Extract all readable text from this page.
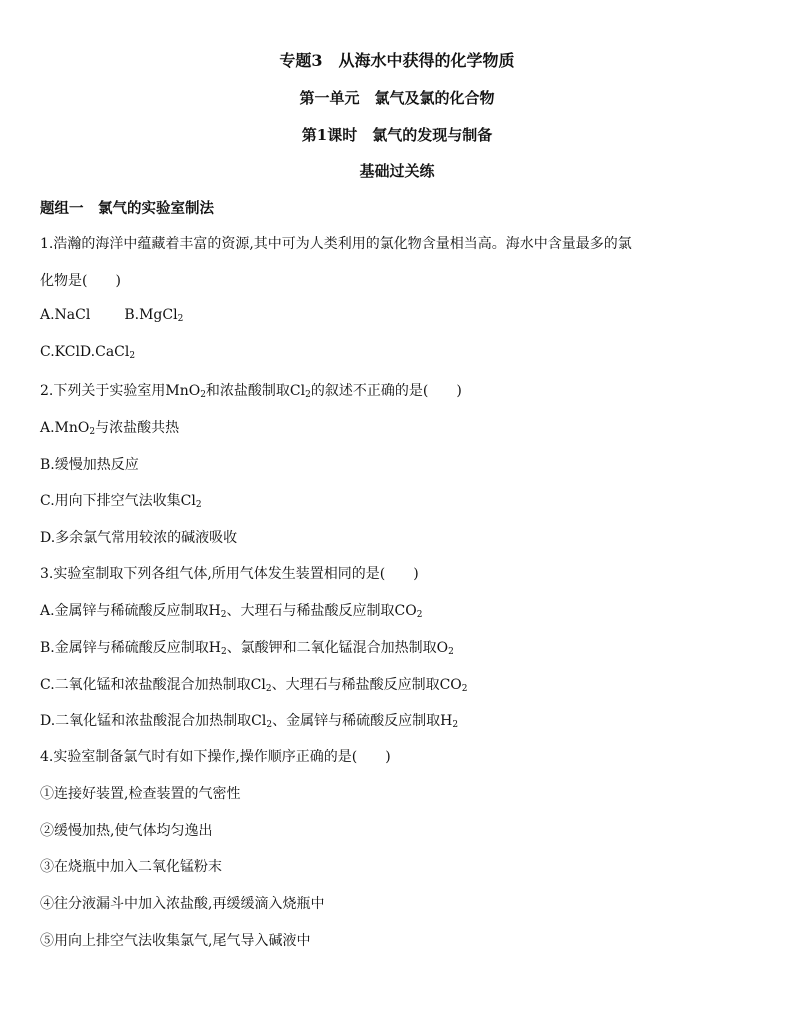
专题3　从海水中获得的化学物质
第一单元　氯气及氯的化合物
第1课时　氯气的发现与制备
基础过关练
题组一　氯气的实验室制法
1.浩瀚的海洋中蕴藏着丰富的资源,其中可为人类利用的氯化物含量相当高。海水中含量最多的氯
化物是(　　)
A.NaCl B.MgCl$_2$
C.KClD.CaCl$_2$
2.下列关于实验室用MnO$_2$和浓盐酸制取$Cl_2$的叙述不正确的是(　　)
A.MnO$_2$与浓盐酸共热
B.缓慢加热反应
C.用向下排空气法收集$Cl_2$
D.多余氯气常用较浓的碱液吸收
3.实验室制取下列各组气体,所用气体发生装置相同的是(　　)
A.金属锌与稀硫酸反应制取$H_2$、大理石与稀盐酸反应制取$CO_2$
B.金属锌与稀硫酸反应制取$H_2$、氯酸钾和二氧化锰混合加热制取$O_2$
C.二氧化锰和浓盐酸混合加热制取$Cl_2$、大理石与稀盐酸反应制取$CO_2$
D.二氧化锰和浓盐酸混合加热制取$Cl_2$、金属锌与稀硫酸反应制取$H_2$
4.实验室制备氯气时有如下操作,操作顺序正确的是(　　)
①连接好装置,检查装置的气密性
②缓慢加热,使气体均匀逸出
③在烧瓶中加入二氧化锰粉末
④往分液漏斗中加入浓盐酸,再缓缓滴入烧瓶中
⑤用向上排空气法收集氯气,尾气导入碱液中
